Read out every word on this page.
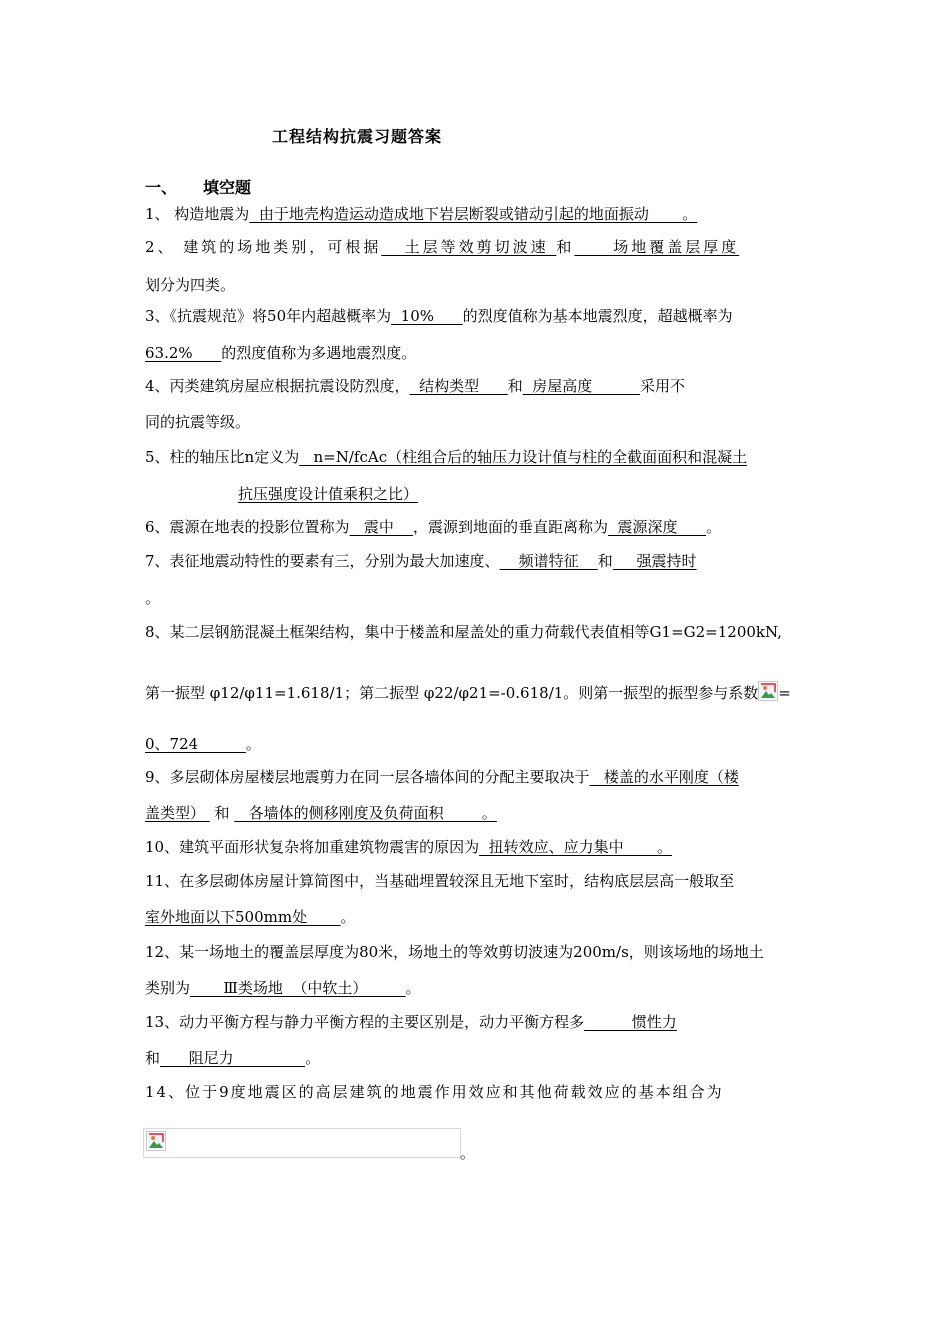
工程结构抗震习题答案
一、 填空题
1、 构造地震为  由于地壳构造运动造成地下岩层断裂或错动引起的地面振动       。
2、 建筑的场地类别，可根据   土层等效剪切波速 和     场地覆盖层厚度
划分为四类。
3、《抗震规范》将50年内超越概率为  10%      的烈度值称为基本地震烈度，超越概率为
63.2%      的烈度值称为多遇地震烈度。
4、丙类建筑房屋应根据抗震设防烈度，  结构类型      和  房屋高度          采用不
同的抗震等级。
5、柱的轴压比n定义为   n=N/fcAc（柱组合后的轴压力设计值与柱的全截面面积和混凝土
抗压强度设计值乘积之比）
6、震源在地表的投影位置称为   震中    ，震源到地面的垂直距离称为  震源深度      。
7、表征地震动特性的要素有三，分别为最大加速度、    频谱特征    和     强震持时
。
8、某二层钢筋混凝土框架结构，集中于楼盖和屋盖处的重力荷载代表值相等G1=G2=1200kN,
第一振型 φ12/φ11=1.618/1；第二振型 φ22/φ21=-0.618/1。则第一振型的振型参与系数 =
0、724          。
9、多层砌体房屋楼层地震剪力在同一层各墙体间的分配主要取决于   楼盖的水平刚度（楼
盖类型）  和    各墙体的侧移刚度及负荷面积        。
10、建筑平面形状复杂将加重建筑物震害的原因为  扭转效应、应力集中       。
11、在多层砌体房屋计算简图中，当基础埋置较深且无地下室时，结构底层层高一般取至
室外地面以下500mm处       。
12、某一场地土的覆盖层厚度为80米，场地土的等效剪切波速为200m/s，则该场地的场地土
类别为       Ⅲ类场地  （中软土）        。
13、动力平衡方程与静力平衡方程的主要区别是，动力平衡方程多          惯性力
和      阻尼力               。
14、位于9度地震区的高层建筑的地震作用效应和其他荷载效应的基本组合为
。
